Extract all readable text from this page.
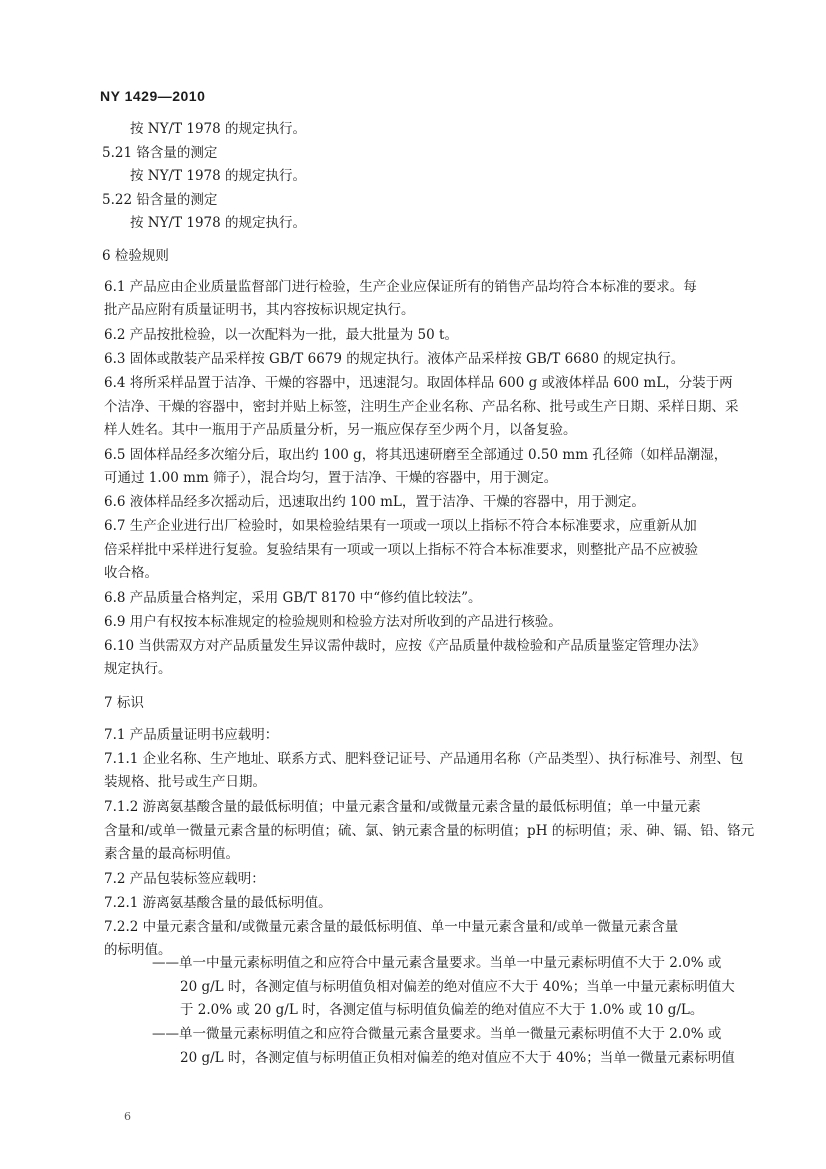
NY 1429—2010
按 NY/T 1978 的规定执行。
5.21 铬含量的测定
按 NY/T 1978 的规定执行。
5.22 铅含量的测定
按 NY/T 1978 的规定执行。
6 检验规则
6.1 产品应由企业质量监督部门进行检验，生产企业应保证所有的销售产品均符合本标准的要求。每
批产品应附有质量证明书，其内容按标识规定执行。
6.2 产品按批检验，以一次配料为一批，最大批量为 50 t。
6.3 固体或散装产品采样按 GB/T 6679 的规定执行。液体产品采样按 GB/T 6680 的规定执行。
6.4 将所采样品置于洁净、干燥的容器中，迅速混匀。取固体样品 600 g 或液体样品 600 mL，分装于两
个洁净、干燥的容器中，密封并贴上标签，注明生产企业名称、产品名称、批号或生产日期、采样日期、采
样人姓名。其中一瓶用于产品质量分析，另一瓶应保存至少两个月，以备复验。
6.5 固体样品经多次缩分后，取出约 100 g，将其迅速研磨至全部通过 0.50 mm 孔径筛（如样品潮湿，
可通过 1.00 mm 筛子），混合均匀，置于洁净、干燥的容器中，用于测定。
6.6 液体样品经多次摇动后，迅速取出约 100 mL，置于洁净、干燥的容器中，用于测定。
6.7 生产企业进行出厂检验时，如果检验结果有一项或一项以上指标不符合本标准要求，应重新从加
倍采样批中采样进行复验。复验结果有一项或一项以上指标不符合本标准要求，则整批产品不应被验
收合格。
6.8 产品质量合格判定，采用 GB/T 8170 中“修约值比较法”。
6.9 用户有权按本标准规定的检验规则和检验方法对所收到的产品进行核验。
6.10 当供需双方对产品质量发生异议需仲裁时，应按《产品质量仲裁检验和产品质量鉴定管理办法》
规定执行。
7 标识
7.1 产品质量证明书应载明：
7.1.1 企业名称、生产地址、联系方式、肥料登记证号、产品通用名称（产品类型）、执行标准号、剂型、包
装规格、批号或生产日期。
7.1.2 游离氨基酸含量的最低标明值；中量元素含量和/或微量元素含量的最低标明值；单一中量元素
含量和/或单一微量元素含量的标明值；硫、氯、钠元素含量的标明值；pH 的标明值；汞、砷、镉、铅、铬元
素含量的最高标明值。
7.2 产品包装标签应载明：
7.2.1 游离氨基酸含量的最低标明值。
7.2.2 中量元素含量和/或微量元素含量的最低标明值、单一中量元素含量和/或单一微量元素含量
的标明值。
——单一中量元素标明值之和应符合中量元素含量要求。当单一中量元素标明值不大于 2.0% 或
20 g/L 时，各测定值与标明值负相对偏差的绝对值应不大于 40%；当单一中量元素标明值大
于 2.0% 或 20 g/L 时，各测定值与标明值负偏差的绝对值应不大于 1.0% 或 10 g/L。
——单一微量元素标明值之和应符合微量元素含量要求。当单一微量元素标明值不大于 2.0% 或
20 g/L 时，各测定值与标明值正负相对偏差的绝对值应不大于 40%；当单一微量元素标明值
6
